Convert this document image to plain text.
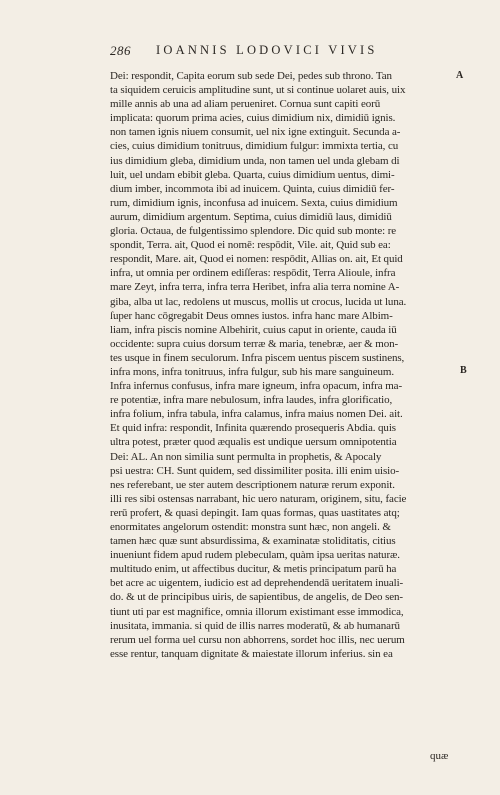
286 IOANNIS LODOVICI VIVIS
A
B
Dei: respondit, Capita eorum sub sede Dei, pedes sub throno. Tan
ta siquidem ceruicis amplitudine sunt, ut si continue uolaret auis, uix
mille annis ab una ad aliam perueniret. Cornua sunt capiti eorū
implicata: quorum prima acies, cuius dimidium nix, dimidiū ignis.
non tamen ignis niuem consumit, uel nix igne extinguit. Secunda a-
cies, cuius dimidium tonitruus, dimidium fulgur: immixta tertia, cu
ius dimidium gleba, dimidium unda, non tamen uel unda glebam di
luit, uel undam ebibit gleba. Quarta, cuius dimidium uentus, dimi-
dium imber, incommota ibi ad inuicem. Quinta, cuius dimidiū fer-
rum, dimidium ignis, inconfusa ad inuicem. Sexta, cuius dimidium
aurum, dimidium argentum. Septima, cuius dimidiū laus, dimidiū
gloria. Octaua, de fulgentissimo splendore. Dic quid sub monte: re
spondit, Terra. ait, Quod ei nomē: respōdit, Vile. ait, Quid sub ea:
respondit, Mare. ait, Quod ei nomen: respōdit, Allias on. ait, Et quid
infra, ut omnia per ordinem ediſſeras: respōdit, Terra Alioule, infra
mare Zeyt, infra terra, infra terra Heribet, infra alia terra nomine A-
giba, alba ut lac, redolens ut muscus, mollis ut crocus, lucida ut luna.
ſuper hanc cōgregabit Deus omnes iustos. infra hanc mare Albim-
liam, infra piscis nomine Albehirit, cuius caput in oriente, cauda iū
occidente: supra cuius dorsum terræ & maria, tenebræ, aer & mon-
tes usque in finem seculorum. Infra piscem uentus piscem sustinens,
infra mons, infra tonitruus, infra fulgur, sub his mare sanguineum.
Infra infernus confusus, infra mare igneum, infra opacum, infra ma-
re potentiæ, infra mare nebulosum, infra laudes, infra glorificatio,
infra folium, infra tabula, infra calamus, infra maius nomen Dei. ait.
Et quid infra: respondit, Infinita quærendo prosequeris Abdia. quis
ultra potest, præter quod æqualis est undique uersum omnipotentia
Dei: AL. An non similia sunt permulta in prophetis, & Apocaly
psi uestra: CH. Sunt quidem, sed dissimiliter posita. illi enim uisio-
nes referebant, ue ster autem descriptionem naturæ rerum exponit.
illi res sibi ostensas narrabant, hic uero naturam, originem, situ, facie
rerū profert, & quasi depingit. Iam quas formas, quas uastitates atq;
enormitates angelorum ostendit: monstra sunt hæc, non angeli. &
tamen hæc quæ sunt absurdissima, & examinatæ stoliditatis, citius
inueniunt fidem apud rudem plebeculam, quàm ipsa ueritas naturæ.
multitudo enim, ut affectibus ducitur, & metis principatum parū ha
bet acre ac uigentem, iudicio est ad deprehendendā ueritatem inuali-
do. & ut de principibus uiris, de sapientibus, de angelis, de Deo sen-
tiunt uti par est magnifice, omnia illorum existimant esse immodica,
inusitata, immania. si quid de illis narres moderatū, & ab humanarū
rerum uel forma uel cursu non abhorrens, sordet hoc illis, nec uerum
esse rentur, tanquam dignitate & maiestate illorum inferius. sin ea
quæ
